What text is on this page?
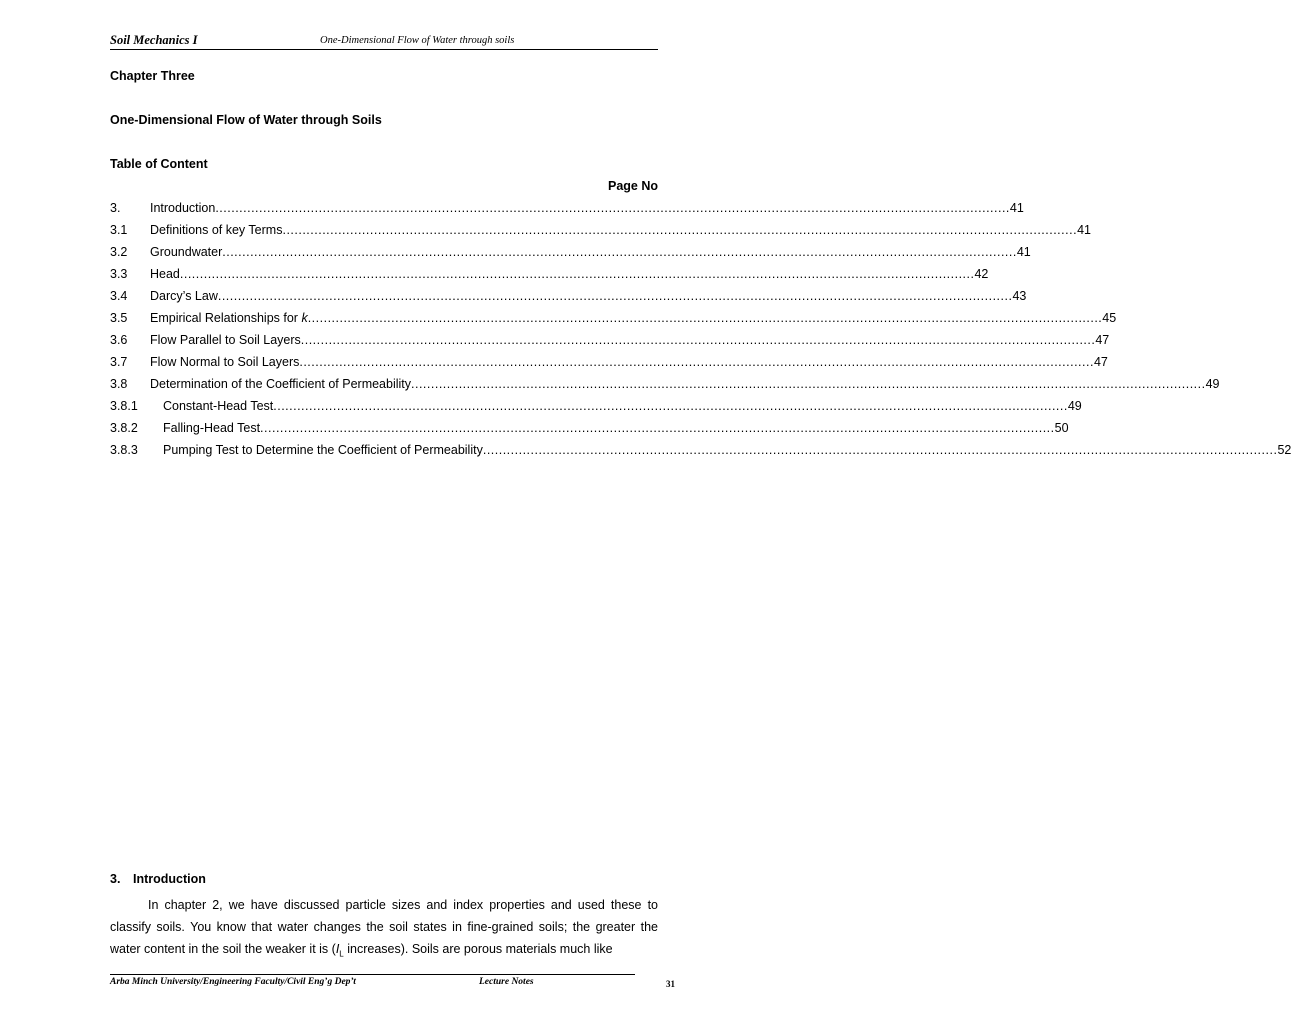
Soil Mechanics I	One-Dimensional Flow of Water through soils
Chapter Three
One-Dimensional Flow of Water through Soils
Table of Content
Page No
3. Introduction ........................................................................................................................................................................................................ 41
3.1 Definitions of key Terms ........................................................................................................................................................................................................ 41
3.2 Groundwater ........................................................................................................................................................................................................ 41
3.3 Head ........................................................................................................................................................................................................ 42
3.4 Darcy’s Law ........................................................................................................................................................................................................ 43
3.5 Empirical Relationships for k ........................................................................................................................................................................................................ 45
3.6 Flow Parallel to Soil Layers ........................................................................................................................................................................................................ 47
3.7 Flow Normal to Soil Layers ........................................................................................................................................................................................................ 47
3.8 Determination of the Coefficient of Permeability ........................................................................................................................................................................................................ 49
3.8.1 Constant-Head Test ........................................................................................................................................................................................................ 49
3.8.2 Falling-Head Test ........................................................................................................................................................................................................ 50
3.8.3 Pumping Test to Determine the Coefficient of Permeability ........................................................................................................................................................................................................ 52
3. Introduction
In chapter 2, we have discussed particle sizes and index properties and used these to classify soils. You know that water changes the soil states in fine-grained soils; the greater the water content in the soil the weaker it is ($I_L$ increases). Soils are porous materials much like
Arba Minch University/Engineering Faculty/Civil Eng’g Dep’t	Lecture Notes	31
